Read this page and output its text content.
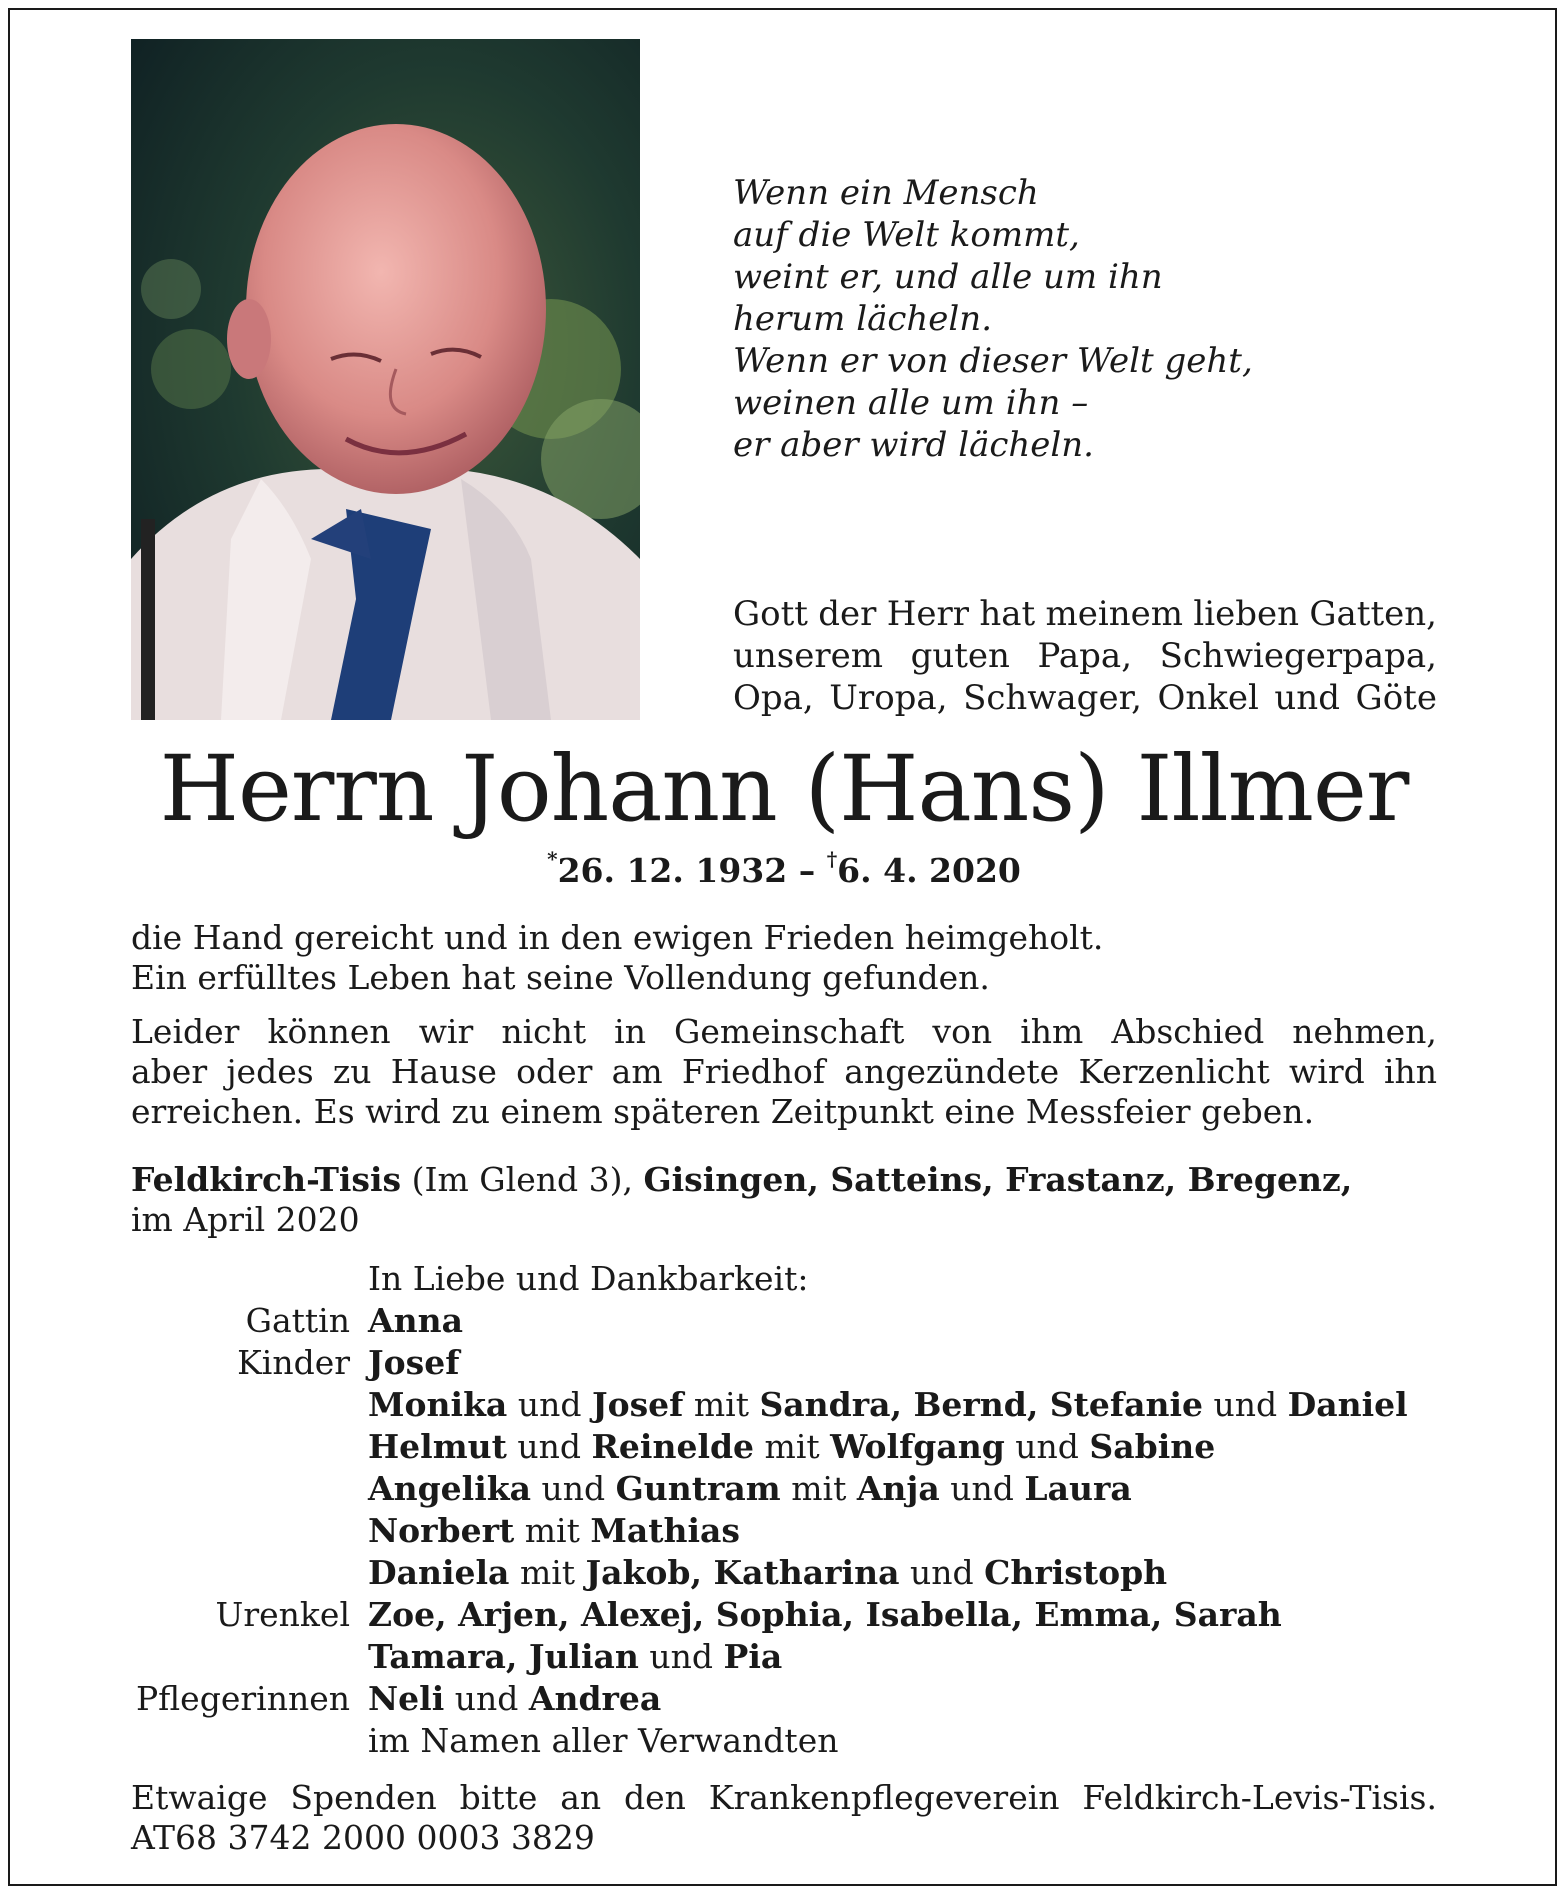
Wenn ein Mensch
auf die Welt kommt,
weint er, und alle um ihn
herum lächeln.
Wenn er von dieser Welt geht,
weinen alle um ihn –
er aber wird lächeln.
Gott der Herr hat meinem lieben Gatten,
unserem guten Papa, Schwiegerpapa,
Opa, Uropa, Schwager, Onkel und Göte
Herrn Johann (Hans) Illmer
*26. 12. 1932 – †6. 4. 2020
die Hand gereicht und in den ewigen Frieden heimgeholt.
Ein erfülltes Leben hat seine Vollendung gefunden.
Leider können wir nicht in Gemeinschaft von ihm Abschied nehmen,
aber jedes zu Hause oder am Friedhof angezündete Kerzenlicht wird ihn
erreichen. Es wird zu einem späteren Zeitpunkt eine Messfeier geben.
Feldkirch-Tisis (Im Glend 3), Gisingen, Satteins, Frastanz, Bregenz,
im April 2020
In Liebe und Dankbarkeit:
Gattin Anna
Kinder Josef
Monika und Josef mit Sandra, Bernd, Stefanie und Daniel
Helmut und Reinelde mit Wolfgang und Sabine
Angelika und Guntram mit Anja und Laura
Norbert mit Mathias
Daniela mit Jakob, Katharina und Christoph
Urenkel Zoe, Arjen, Alexej, Sophia, Isabella, Emma, Sarah
Tamara, Julian und Pia
Pflegerinnen Neli und Andrea
im Namen aller Verwandten
Etwaige Spenden bitte an den Krankenpflegeverein Feldkirch-Levis-Tisis.
AT68 3742 2000 0003 3829
